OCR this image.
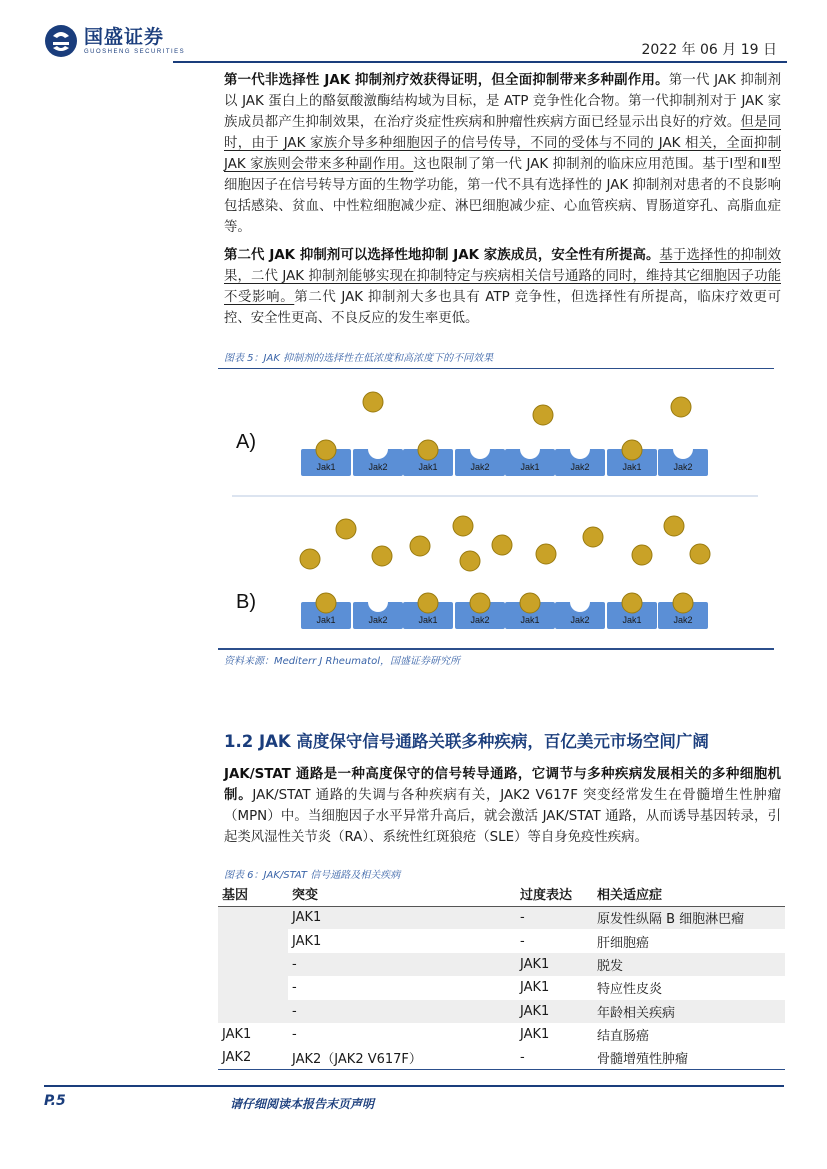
国盛证券
GUOSHENG SECURITIES	2022 年 06 月 19 日

第一代非选择性 JAK 抑制剂疗效获得证明，但全面抑制带来多种副作用。第一代 JAK 抑制剂以 JAK 蛋白上的酪氨酸激酶结构域为目标，是 ATP 竞争性化合物。第一代抑制剂对于 JAK 家族成员都产生抑制效果，在治疗炎症性疾病和肿瘤性疾病方面已经显示出良好的疗效。但是同时，由于 JAK 家族介导多种细胞因子的信号传导，不同的受体与不同的 JAK 相关，全面抑制 JAK 家族则会带来多种副作用。这也限制了第一代 JAK 抑制剂的临床应用范围。基于Ⅰ型和Ⅱ型细胞因子在信号转导方面的生物学功能，第一代不具有选择性的 JAK 抑制剂对患者的不良影响包括感染、贫血、中性粒细胞减少症、淋巴细胞减少症、心血管疾病、胃肠道穿孔、高脂血症等。

第二代 JAK 抑制剂可以选择性地抑制 JAK 家族成员，安全性有所提高。基于选择性的抑制效果，二代 JAK 抑制剂能够实现在抑制特定与疾病相关信号通路的同时，维持其它细胞因子功能不受影响。第二代 JAK 抑制剂大多也具有 ATP 竞争性，但选择性有所提高，临床疗效更可控、安全性更高、不良反应的发生率更低。

图表 5：JAK 抑制剂的选择性在低浓度和高浓度下的不同效果
A)
B)
Jak1	Jak2	Jak1	Jak2	Jak1	Jak2	Jak1	Jak2
Jak1	Jak2	Jak1	Jak2	Jak1	Jak2	Jak1	Jak2
资料来源：Mediterr J Rheumatol，国盛证券研究所
1.2 JAK 高度保守信号通路关联多种疾病，百亿美元市场空间广阔

JAK/STAT 通路是一种高度保守的信号转导通路，它调节与多种疾病发展相关的多种细胞机制。JAK/STAT 通路的失调与各种疾病有关，JAK2 V617F 突变经常发生在骨髓增生性肿瘤（MPN）中。当细胞因子水平异常升高后，就会激活 JAK/STAT 通路，从而诱导基因转录，引起类风湿性关节炎（RA）、系统性红斑狼疮（SLE）等自身免疫性疾病。

图表 6：JAK/STAT 信号通路及相关疾病
基因	突变	过度表达	相关适应症
	JAK1	-	原发性纵隔 B 细胞淋巴瘤
	JAK1	-	肝细胞癌
	-	JAK1	脱发
	-	JAK1	特应性皮炎
	-	JAK1	年龄相关疾病
JAK1	-	JAK1	结直肠癌
JAK2	JAK2（JAK2 V617F）	-	骨髓增殖性肿瘤
P.5	请仔细阅读本报告末页声明
